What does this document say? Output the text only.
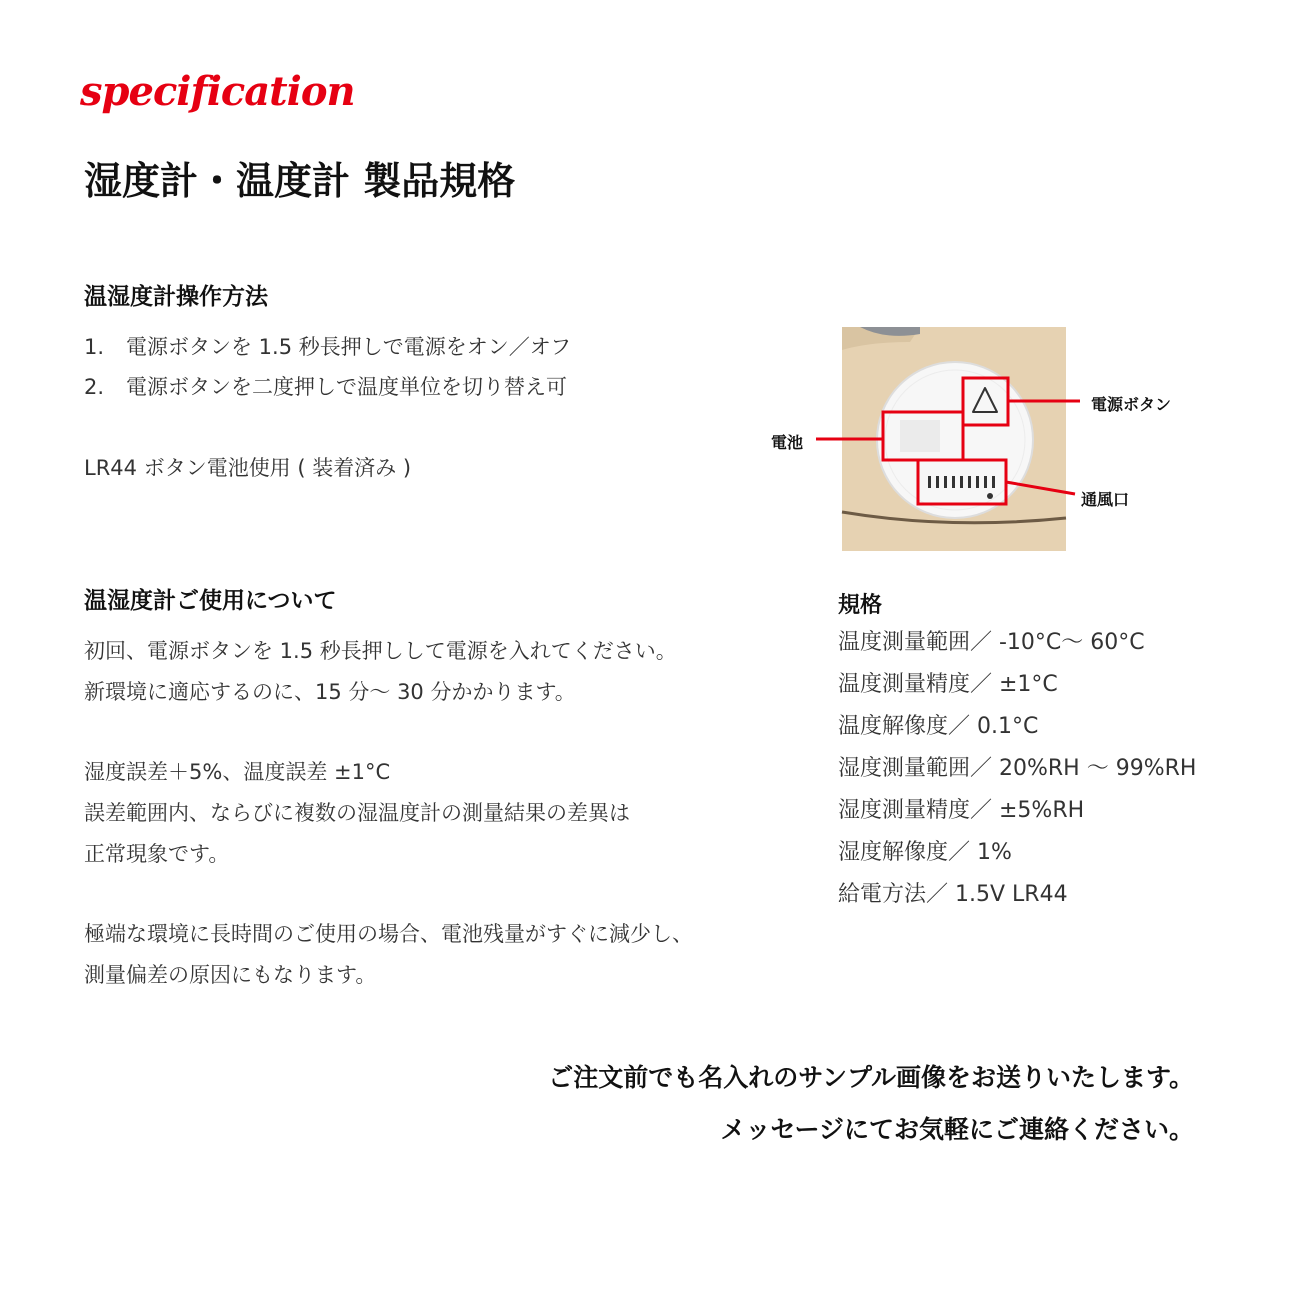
specification
湿度計・温度計 製品規格
温湿度計操作方法
1.	電源ボタンを 1.5 秒長押しで電源をオン／オフ
2.	電源ボタンを二度押しで温度単位を切り替え可
LR44 ボタン電池使用 ( 装着済み )
温湿度計ご使用について
初回、電源ボタンを 1.5 秒長押しして電源を入れてください。
新環境に適応するのに、15 分～ 30 分かかります。
湿度誤差＋5%、温度誤差 ±1°C
誤差範囲内、ならびに複数の湿温度計の測量結果の差異は
正常現象です。
極端な環境に長時間のご使用の場合、電池残量がすぐに減少し、
測量偏差の原因にもなります。
電源ボタン
電池
通風口
規格
温度測量範囲／ -10°C～ 60°C
温度測量精度／ ±1°C
温度解像度／ 0.1°C
湿度測量範囲／ 20%RH ～ 99%RH
湿度測量精度／ ±5%RH
湿度解像度／ 1%
給電方法／ 1.5V LR44
ご注文前でも名入れのサンプル画像をお送りいたします。
メッセージにてお気軽にご連絡ください。
